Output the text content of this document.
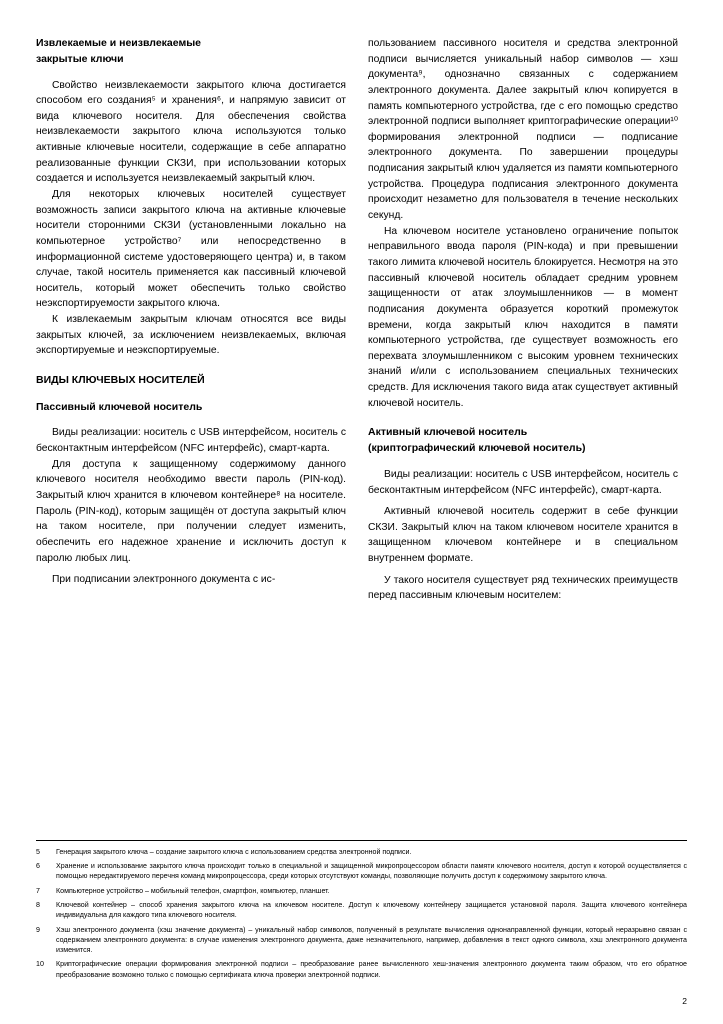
Извлекаемые и неизвлекаемые
закрытые ключи

Свойство неизвлекаемости закрытого ключа достигается способом его создания⁵ и хранения⁶, и напрямую зависит от вида ключевого носителя. Для обеспечения свойства неизвлекаемости закрытого ключа используются только активные ключевые носители, содержащие в себе аппаратно реализованные функции СКЗИ, при использовании которых создается и используется неизвлекаемый закрытый ключ.

Для некоторых ключевых носителей существует возможность записи закрытого ключа на активные ключевые носители сторонними СКЗИ (установленными локально на компьютерное устройство⁷ или непосредственно в информационной системе удостоверяющего центра) и, в таком случае, такой носитель применяется как пассивный ключевой носитель, который может обеспечить только свойство неэкспортируемости закрытого ключа.

К извлекаемым закрытым ключам относятся все виды закрытых ключей, за исключением неизвлекаемых, включая экспортируемые и неэкспортируемые.

ВИДЫ КЛЮЧЕВЫХ НОСИТЕЛЕЙ
Пассивный ключевой носитель

Виды реализации: носитель с USB интерфейсом, носитель с бесконтактным интерфейсом (NFC интерфейс), смарт-карта.

Для доступа к защищенному содержимому данного ключевого носителя необходимо ввести пароль (PIN-код). Закрытый ключ хранится в ключевом контейнере⁸ на носителе. Пароль (PIN-код), которым защищён от доступа закрытый ключ на таком носителе, при получении следует изменить, обеспечить его надежное хранение и исключить доступ к паролю любых лиц.

При подписании электронного документа с ис-

пользованием пассивного носителя и средства электронной подписи вычисляется уникальный набор символов — хэш документа⁹, однозначно связанных с содержанием электронного документа. Далее закрытый ключ копируется в память компьютерного устройства, где с его помощью средство электронной подписи выполняет криптографические операции¹⁰ формирования электронной подписи — подписание электронного документа. По завершении процедуры подписания закрытый ключ удаляется из памяти компьютерного устройства. Процедура подписания электронного документа происходит незаметно для пользователя в течение нескольких секунд.

На ключевом носителе установлено ограничение попыток неправильного ввода пароля (PIN-кода) и при превышении такого лимита ключевой носитель блокируется. Несмотря на это пассивный ключевой носитель обладает средним уровнем защищенности от атак злоумышленников — в момент подписания документа образуется короткий промежуток времени, когда закрытый ключ находится в памяти компьютерного устройства, где существует возможность его перехвата злоумышленником с высоким уровнем технических знаний и/или с использованием специальных технических средств. Для исключения такого вида атак существует активный ключевой носитель.

Активный ключевой носитель
(криптографический ключевой носитель)

Виды реализации: носитель с USB интерфейсом, носитель с бесконтактным интерфейсом (NFC интерфейс), смарт-карта.

Активный ключевой носитель содержит в себе функции СКЗИ. Закрытый ключ на таком ключевом носителе хранится в защищенном ключевом контейнере и в специальном внутреннем формате.

У такого носителя существует ряд технических преимуществ перед пассивным ключевым носителем:

5	Генерация закрытого ключа – создание закрытого ключа с использованием средства электронной подписи.
6	Хранение и использование закрытого ключа происходит только в специальной и защищенной микропроцессором области памяти ключевого носителя, доступ к которой осуществляется с помощью нередактируемого перечня команд микропроцессора, среди которых отсутствуют команды, позволяющие получить доступ к содержимому закрытого ключа.
7	Компьютерное устройство – мобильный телефон, смартфон, компьютер, планшет.
8	Ключевой контейнер – способ хранения закрытого ключа на ключевом носителе. Доступ к ключевому контейнеру защищается установкой пароля. Защита ключевого контейнера индивидуальна для каждого типа ключевого носителя.
9	Хэш электронного документа (хэш значение документа) – уникальный набор символов, полученный в результате вычисления однонаправленной функции, который неразрывно связан с содержанием электронного документа: в случае изменения электронного документа, даже незначительного, например, добавления в текст одного символа, хэш электронного документа изменится.
10	Криптографические операции формирования электронной подписи – преобразование ранее вычисленного хеш-значения электронного документа таким образом, что его обратное преобразование возможно только с помощью сертификата ключа проверки электронной подписи.
2
